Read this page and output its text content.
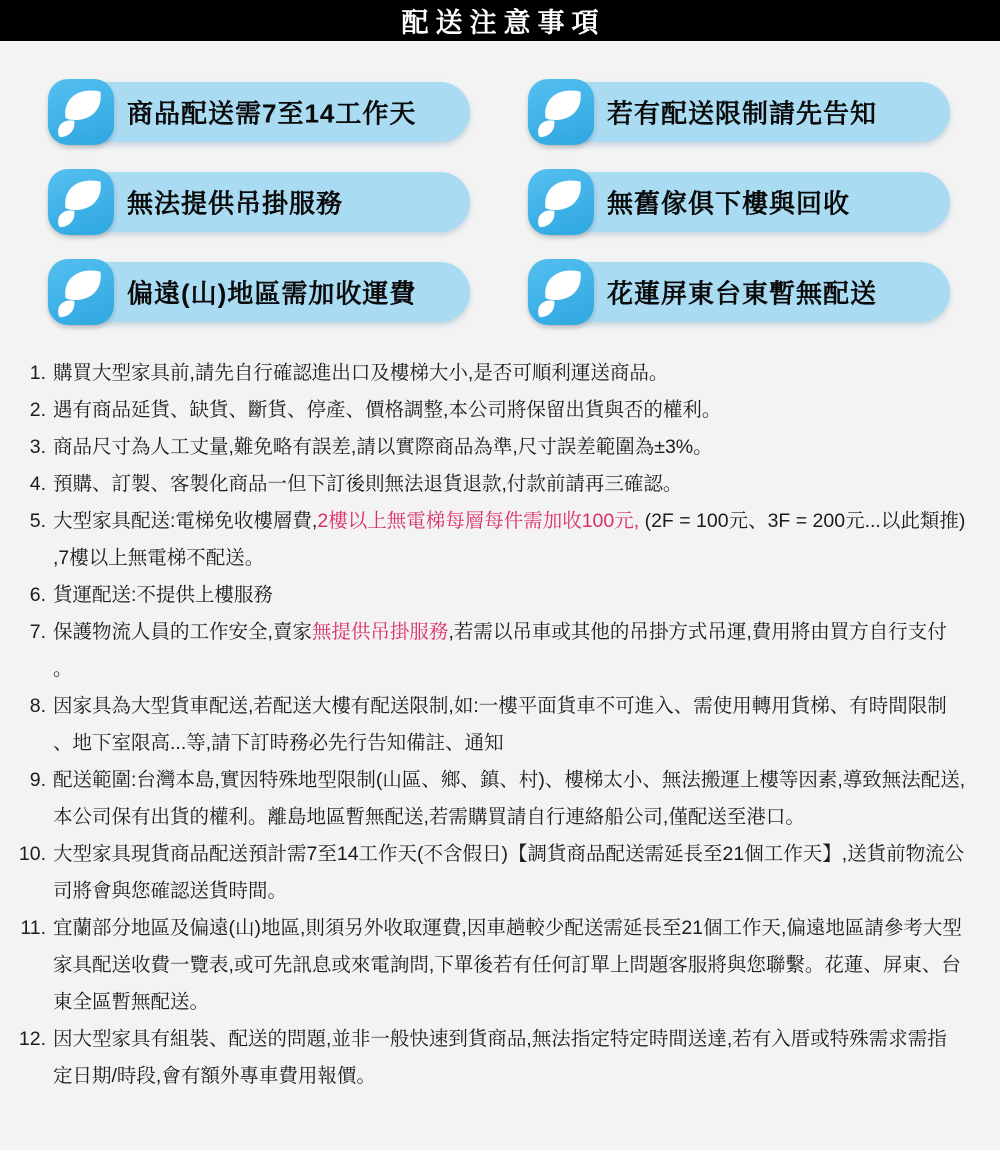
配送注意事項
商品配送需7至14工作天	若有配送限制請先告知
無法提供吊掛服務	無舊傢俱下樓與回收
偏遠(山)地區需加收運費	花蓮屏東台東暫無配送
1. 購買大型家具前,請先自行確認進出口及樓梯大小,是否可順利運送商品。
2. 遇有商品延貨、缺貨、斷貨、停產、價格調整,本公司將保留出貨與否的權利。
3. 商品尺寸為人工丈量,難免略有誤差,請以實際商品為準,尺寸誤差範圍為±3%。
4. 預購、訂製、客製化商品一但下訂後則無法退貨退款,付款前請再三確認。
5. 大型家具配送:電梯免收樓層費,2樓以上無電梯每層每件需加收100元, (2F = 100元、3F = 200元...以此類推) ,7樓以上無電梯不配送。
6. 貨運配送:不提供上樓服務
7. 保護物流人員的工作安全,賣家無提供吊掛服務,若需以吊車或其他的吊掛方式吊運,費用將由買方自行支付。
8. 因家具為大型貨車配送,若配送大樓有配送限制,如:一樓平面貨車不可進入、需使用轉用貨梯、有時間限制、地下室限高...等,請下訂時務必先行告知備註、通知
9. 配送範圍:台灣本島,實因特殊地型限制(山區、鄉、鎮、村)、樓梯太小、無法搬運上樓等因素,導致無法配送,本公司保有出貨的權利。離島地區暫無配送,若需購買請自行連絡船公司,僅配送至港口。
10. 大型家具現貨商品配送預計需7至14工作天(不含假日)【調貨商品配送需延長至21個工作天】,送貨前物流公司將會與您確認送貨時間。
11. 宜蘭部分地區及偏遠(山)地區,則須另外收取運費,因車趟較少配送需延長至21個工作天,偏遠地區請參考大型家具配送收費一覽表,或可先訊息或來電詢問,下單後若有任何訂單上問題客服將與您聯繫。花蓮、屏東、台東全區暫無配送。
12. 因大型家具有組裝、配送的問題,並非一般快速到貨商品,無法指定特定時間送達,若有入厝或特殊需求需指定日期/時段,會有額外專車費用報價。
